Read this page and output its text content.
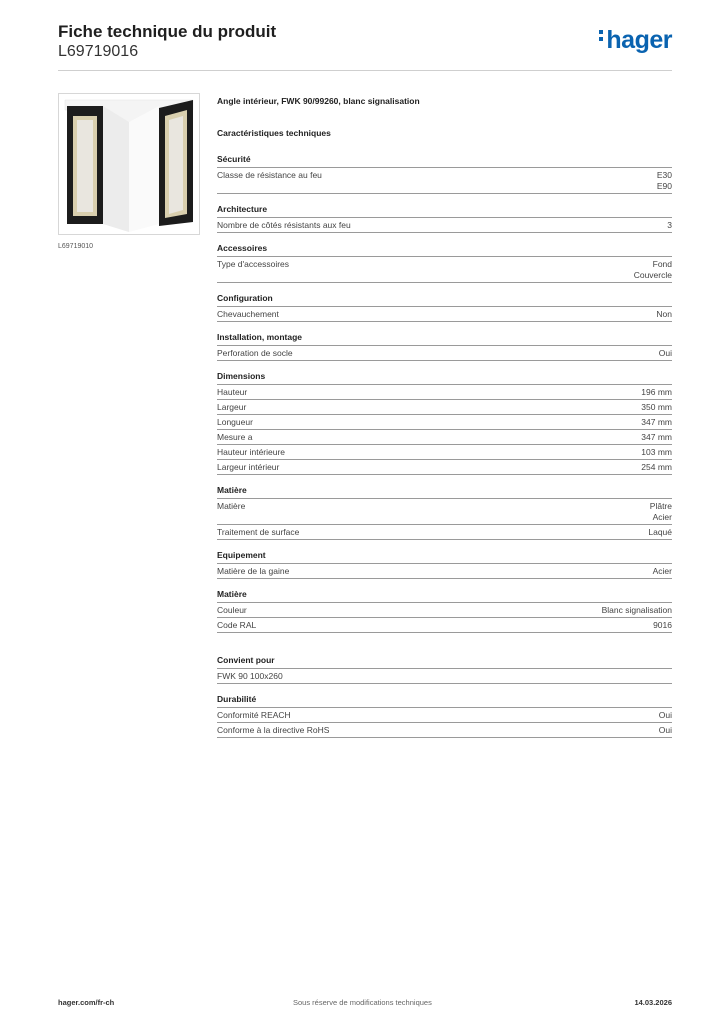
Fiche technique du produit
L69719016	hager
L69719010
Angle intérieur, FWK 90/99260, blanc signalisation
Caractéristiques techniques
Sécurité
Classe de résistance au feu	E30
E90
Architecture
Nombre de côtés résistants aux feu	3
Accessoires
Type d'accessoires	Fond
Couvercle
Configuration
Chevauchement	Non
Installation, montage
Perforation de socle	Oui
Dimensions
Hauteur	196 mm
Largeur	350 mm
Longueur	347 mm
Mesure a	347 mm
Hauteur intérieure	103 mm
Largeur intérieur	254 mm
Matière
Matière	Plâtre
Acier
Traitement de surface	Laqué
Equipement
Matière de la gaine	Acier
Matière
Couleur	Blanc signalisation
Code RAL	9016
Convient pour
FWK 90 100x260
Durabilité
Conformité REACH	Oui
Conforme à la directive RoHS	Oui
hager.com/fr-ch	Sous réserve de modifications techniques	14.03.2026
